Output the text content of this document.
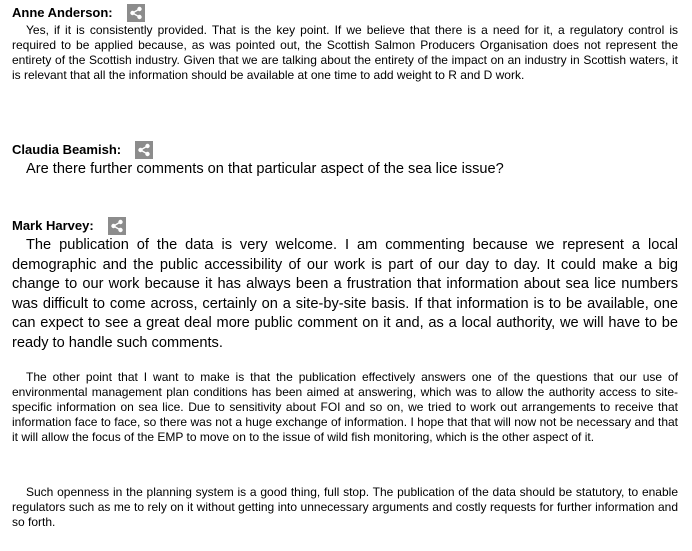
Anne Anderson:

Yes, if it is consistently provided. That is the key point. If we believe that there is a need for it, a regulatory control is required to be applied because, as was pointed out, the Scottish Salmon Producers Organisation does not represent the entirety of the Scottish industry. Given that we are talking about the entirety of the impact on an industry in Scottish waters, it is relevant that all the information should be available at one time to add weight to R and D work.

Claudia Beamish:

Are there further comments on that particular aspect of the sea lice issue?

Mark Harvey:

The publication of the data is very welcome. I am commenting because we represent a local demographic and the public accessibility of our work is part of our day to day. It could make a big change to our work because it has always been a frustration that information about sea lice numbers was difficult to come across, certainly on a site-by-site basis. If that information is to be available, one can expect to see a great deal more public comment on it and, as a local authority, we will have to be ready to handle such comments.

The other point that I want to make is that the publication effectively answers one of the questions that our use of environmental management plan conditions has been aimed at answering, which was to allow the authority access to site-specific information on sea lice. Due to sensitivity about FOI and so on, we tried to work out arrangements to receive that information face to face, so there was not a huge exchange of information. I hope that that will now not be necessary and that it will allow the focus of the EMP to move on to the issue of wild fish monitoring, which is the other aspect of it.

Such openness in the planning system is a good thing, full stop. The publication of the data should be statutory, to enable regulators such as me to rely on it without getting into unnecessary arguments and costly requests for further information and so forth.
